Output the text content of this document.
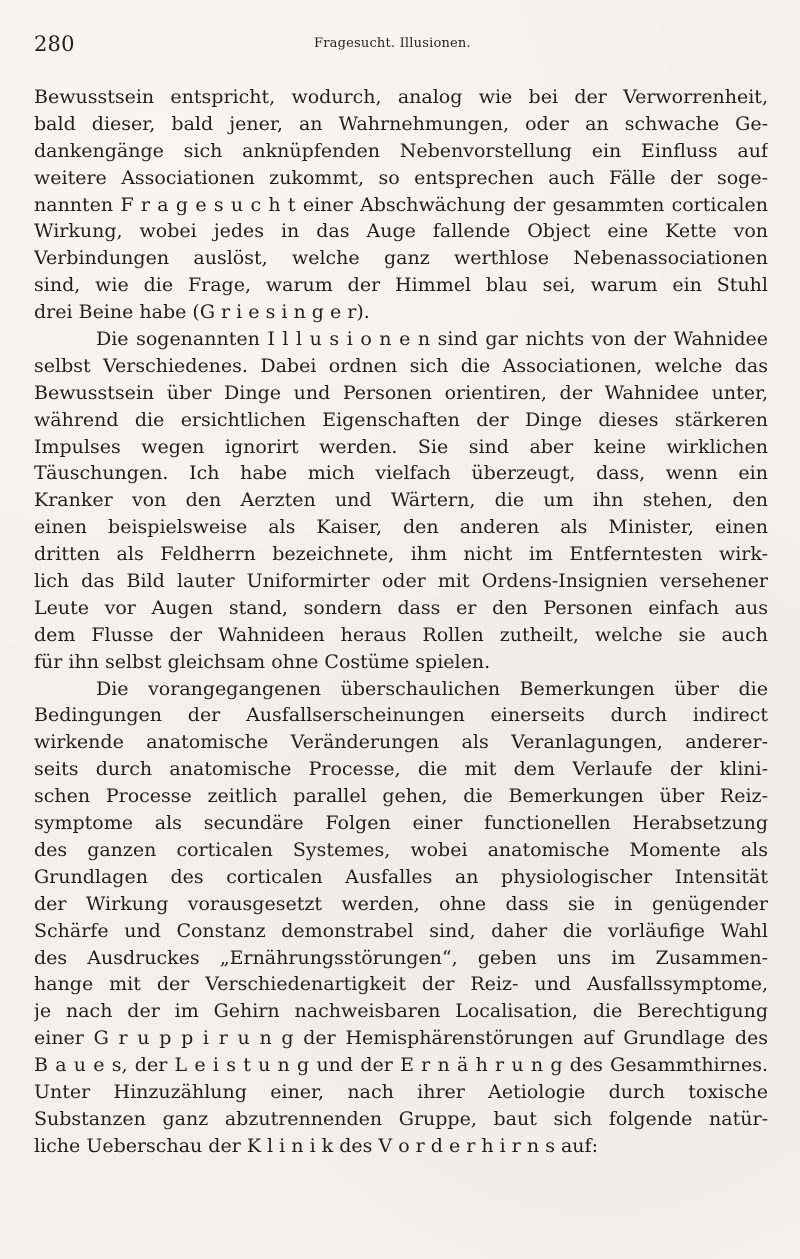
280	Fragesucht. Illusionen.
Bewusstsein entspricht, wodurch, analog wie bei der Verworrenheit,
bald dieser, bald jener, an Wahrnehmungen, oder an schwache Ge-
dankengänge sich anknüpfenden Nebenvorstellung ein Einfluss auf
weitere Associationen zukommt, so entsprechen auch Fälle der soge-
nannten F r a g e s u c h t einer Abschwächung der gesammten corticalen
Wirkung, wobei jedes in das Auge fallende Object eine Kette von
Verbindungen auslöst, welche ganz werthlose Nebenassociationen
sind, wie die Frage, warum der Himmel blau sei, warum ein Stuhl
drei Beine habe (G r i e s i n g e r).
Die sogenannten I l l u s i o n e n sind gar nichts von der Wahnidee
selbst Verschiedenes. Dabei ordnen sich die Associationen, welche das
Bewusstsein über Dinge und Personen orientiren, der Wahnidee unter,
während die ersichtlichen Eigenschaften der Dinge dieses stärkeren
Impulses wegen ignorirt werden. Sie sind aber keine wirklichen
Täuschungen. Ich habe mich vielfach überzeugt, dass, wenn ein
Kranker von den Aerzten und Wärtern, die um ihn stehen, den
einen beispielsweise als Kaiser, den anderen als Minister, einen
dritten als Feldherrn bezeichnete, ihm nicht im Entferntesten wirk-
lich das Bild lauter Uniformirter oder mit Ordens-Insignien versehener
Leute vor Augen stand, sondern dass er den Personen einfach aus
dem Flusse der Wahnideen heraus Rollen zutheilt, welche sie auch
für ihn selbst gleichsam ohne Costüme spielen.
Die vorangegangenen überschaulichen Bemerkungen über die
Bedingungen der Ausfallserscheinungen einerseits durch indirect
wirkende anatomische Veränderungen als Veranlagungen, anderer-
seits durch anatomische Processe, die mit dem Verlaufe der klini-
schen Processe zeitlich parallel gehen, die Bemerkungen über Reiz-
symptome als secundäre Folgen einer functionellen Herabsetzung
des ganzen corticalen Systemes, wobei anatomische Momente als
Grundlagen des corticalen Ausfalles an physiologischer Intensität
der Wirkung vorausgesetzt werden, ohne dass sie in genügender
Schärfe und Constanz demonstrabel sind, daher die vorläufige Wahl
des Ausdruckes „Ernährungsstörungen“, geben uns im Zusammen-
hange mit der Verschiedenartigkeit der Reiz- und Ausfallssymptome,
je nach der im Gehirn nachweisbaren Localisation, die Berechtigung
einer G r u p p i r u n g der Hemisphärenstörungen auf Grundlage des
B a u e s, der L e i s t u n g und der E r n ä h r u n g des Gesammthirnes.
Unter Hinzuzählung einer, nach ihrer Aetiologie durch toxische
Substanzen ganz abzutrennenden Gruppe, baut sich folgende natür-
liche Ueberschau der K l i n i k des V o r d e r h i r n s auf:
